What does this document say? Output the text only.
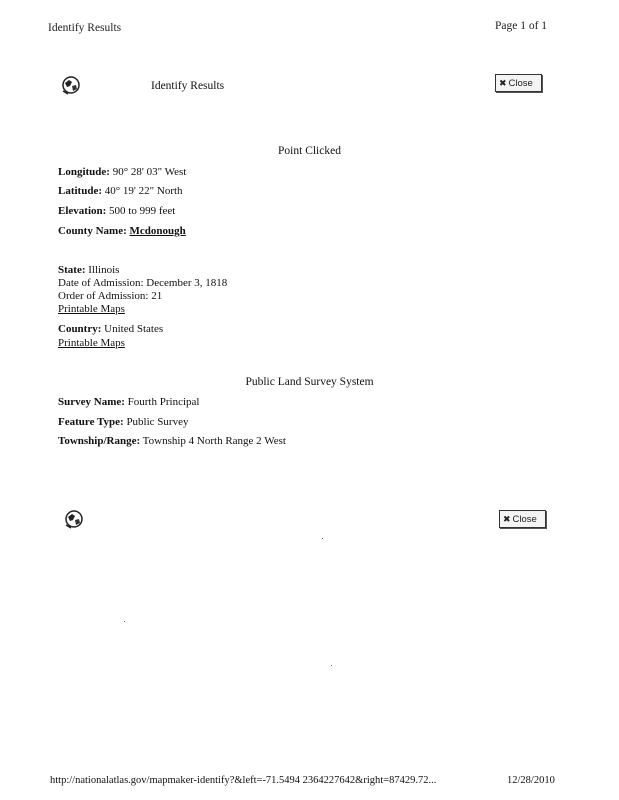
Identify Results	Page 1 of 1
Identify Results	✖ Close
Point Clicked
Longitude: 90° 28' 03" West
Latitude: 40° 19' 22" North
Elevation: 500 to 999 feet
County Name: Mcdonough
State: Illinois
Date of Admission: December 3, 1818
Order of Admission: 21
Printable Maps
Country: United States
Printable Maps
Public Land Survey System
Survey Name: Fourth Principal
Feature Type: Public Survey
Township/Range: Township 4 North Range 2 West
✖ Close
http://nationalatlas.gov/mapmaker-identify?&left=-71.5494 2364227642&right=87429.72...	12/28/2010
